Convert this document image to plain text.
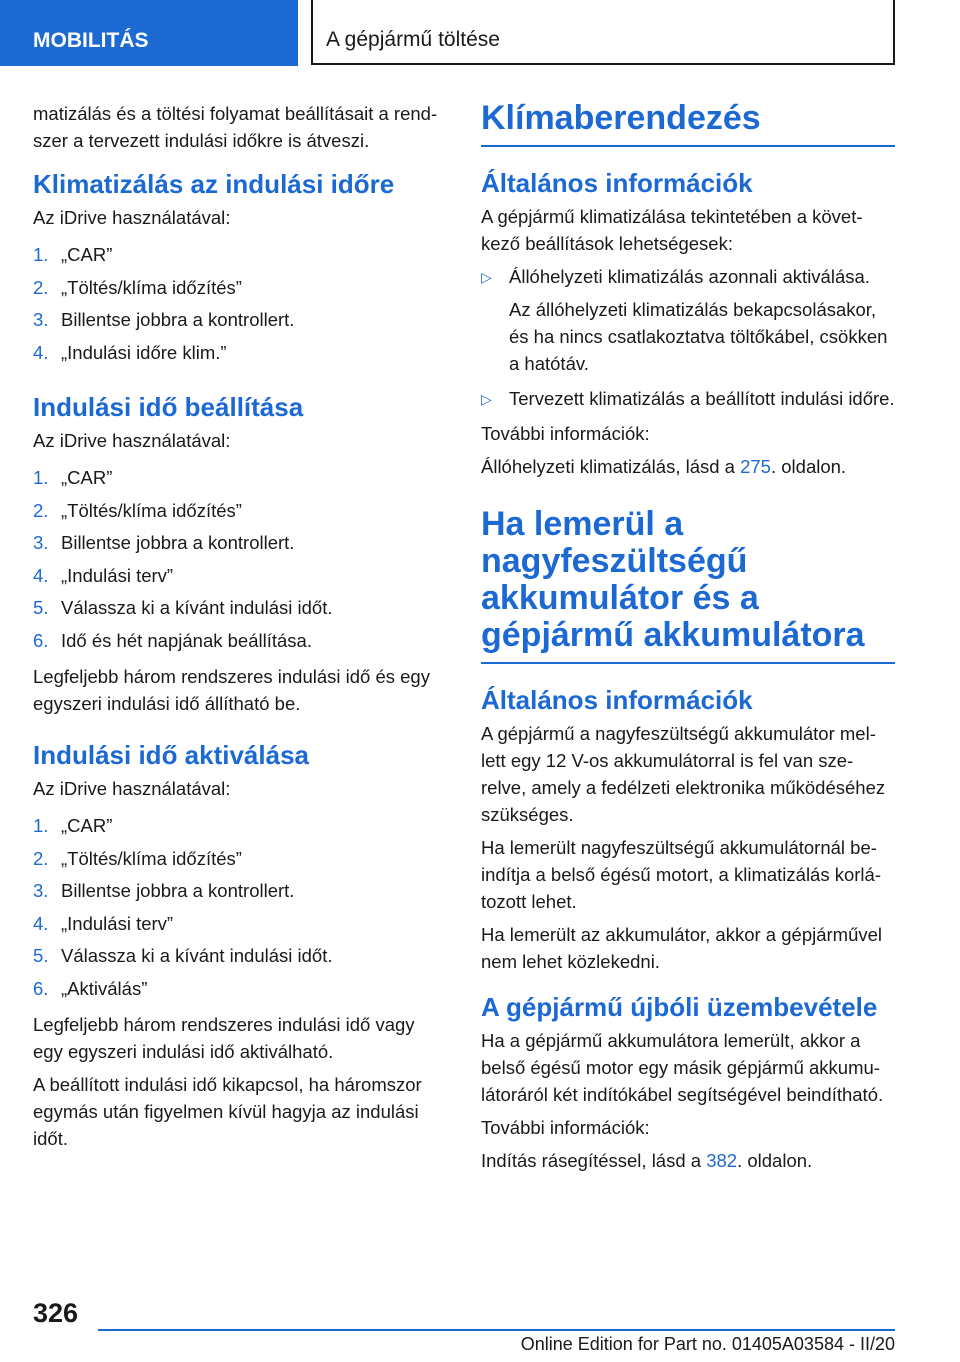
MOBILITÁS	A gépjármű töltése

matizálás és a töltési folyamat beállításait a rend‐ szer a tervezett indulási időkre is átveszi.

Klimatizálás az indulási időre

Az iDrive használatával:

1. „CAR”
2. „Töltés/klíma időzítés”
3. Billentse jobbra a kontrollert.
4. „Indulási időre klim.”
Indulási idő beállítása

Az iDrive használatával:

1. „CAR”
2. „Töltés/klíma időzítés”
3. Billentse jobbra a kontrollert.
4. „Indulási terv”
5. Válassza ki a kívánt indulási időt.
6. Idő és hét napjának beállítása.

Legfeljebb három rendszeres indulási idő és egy egyszeri indulási idő állítható be.

Indulási idő aktiválása

Az iDrive használatával:

1. „CAR”
2. „Töltés/klíma időzítés”
3. Billentse jobbra a kontrollert.
4. „Indulási terv”
5. Válassza ki a kívánt indulási időt.
6. „Aktiválás”

Legfeljebb három rendszeres indulási idő vagy egy egyszeri indulási idő aktiválható.

A beállított indulási idő kikapcsol, ha háromszor egymás után figyelmen kívül hagyja az indulási időt.

Klímaberendezés
Általános információk

A gépjármű klimatizálása tekintetében a követ‐ kező beállítások lehetségesek:

▷ Állóhelyzeti klimatizálás azonnali aktiválása.
Az állóhelyzeti klimatizálás bekapcsolásakor, és ha nincs csatlakoztatva töltőkábel, csökken a hatótáv.
▷ Tervezett klimatizálás a beállított indulási időre.

További információk:

Állóhelyzeti klimatizálás, lásd a 275. oldalon.

Ha lemerül a nagyfeszültségű akkumulátor és a gépjármű akkumulátora
Általános információk

A gépjármű a nagyfeszültségű akkumulátor mel‐ lett egy 12 V-os akkumulátorral is fel van sze‐ relve, amely a fedélzeti elektronika működéséhez szükséges.

Ha lemerült nagyfeszültségű akkumulátornál be‐ indítja a belső égésű motort, a klimatizálás korlá‐ tozott lehet.

Ha lemerült az akkumulátor, akkor a gépjárművel nem lehet közlekedni.

A gépjármű újbóli üzembevétele

Ha a gépjármű akkumulátora lemerült, akkor a belső égésű motor egy másik gépjármű akkumu‐ látoráról két indítókábel segítségével beindítható.

További információk:

Indítás rásegítéssel, lásd a 382. oldalon.

326
Online Edition for Part no. 01405A03584 - II/20
